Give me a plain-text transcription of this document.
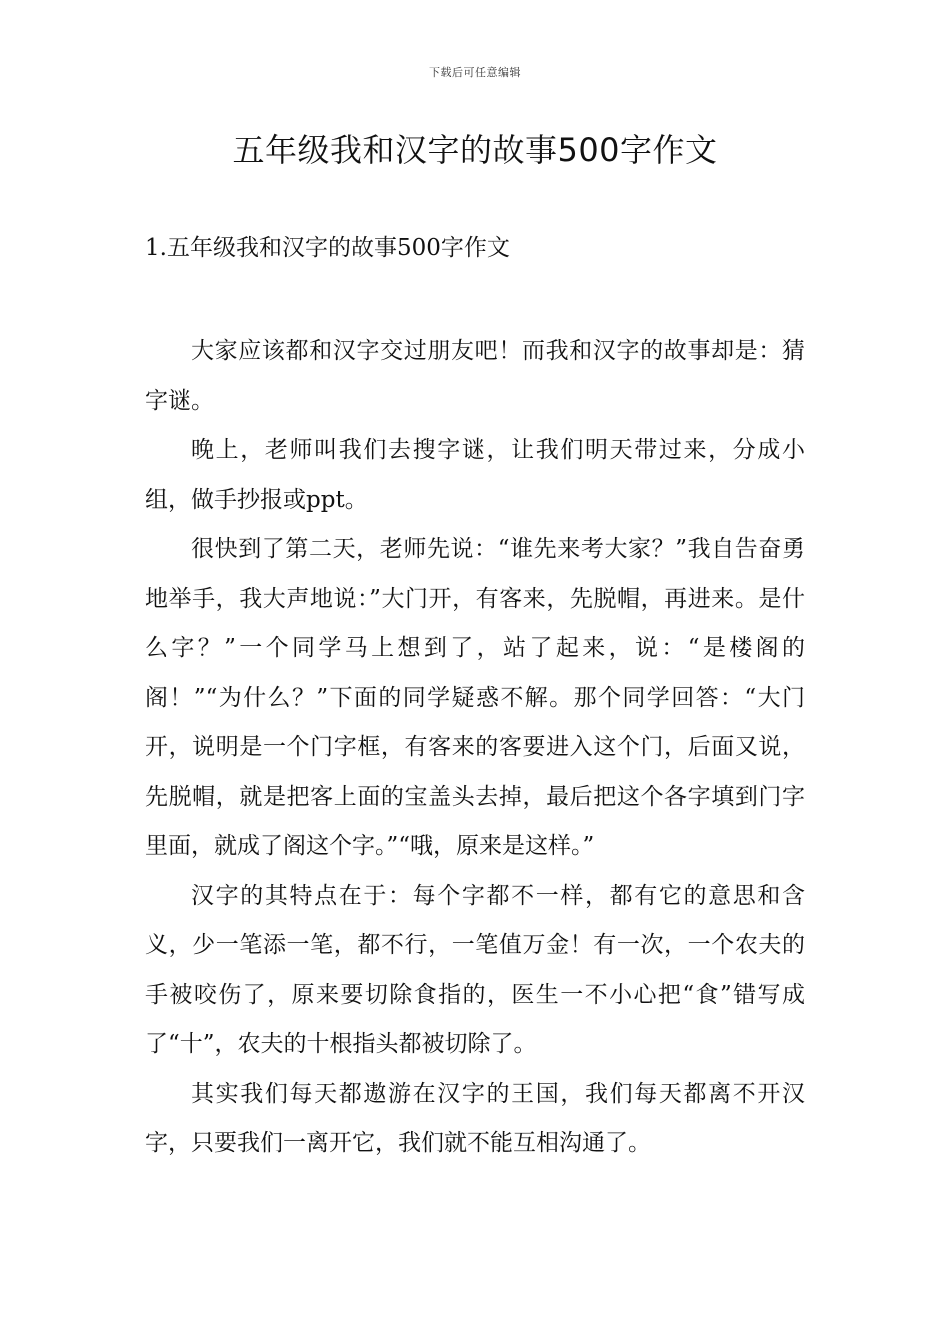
下载后可任意编辑
五年级我和汉字的故事500字作文
1.五年级我和汉字的故事500字作文

大家应该都和汉字交过朋友吧！而我和汉字的故事却是：猜字谜。

晚上，老师叫我们去搜字谜，让我们明天带过来，分成小组，做手抄报或ppt。

很快到了第二天，老师先说：“谁先来考大家？”我自告奋勇地举手，我大声地说：”大门开，有客来，先脱帽，再进来。是什么字？”一个同学马上想到了，站了起来，说：“是楼阁的阁！”“为什么？”下面的同学疑惑不解。那个同学回答：“大门开，说明是一个门字框，有客来的客要进入这个门，后面又说，先脱帽，就是把客上面的宝盖头去掉，最后把这个各字填到门字里面，就成了阁这个字。”“哦，原来是这样。”

汉字的其特点在于：每个字都不一样，都有它的意思和含义，少一笔添一笔，都不行，一笔值万金！有一次，一个农夫的手被咬伤了，原来要切除食指的，医生一不小心把“食”错写成了“十”，农夫的十根指头都被切除了。

其实我们每天都遨游在汉字的王国，我们每天都离不开汉字，只要我们一离开它，我们就不能互相沟通了。
